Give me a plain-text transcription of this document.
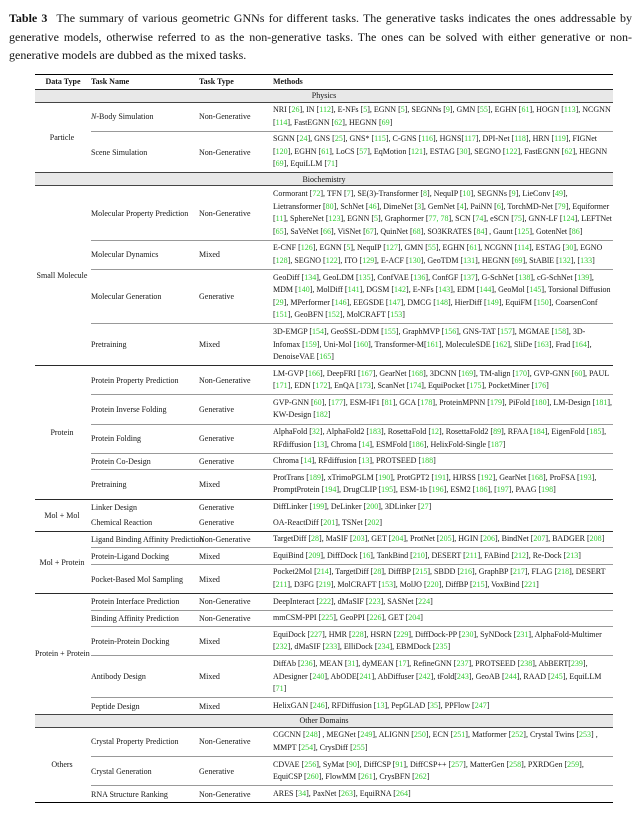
Table 3 The summary of various geometric GNNs for different tasks. The generative tasks indicates the ones addressable by generative models, otherwise referred to as the non-generative tasks. The ones can be solved with either generative or non-generative models are dubbed as the mixed tasks.

Data Type	Task Name	Task Type	Methods
Physics			
Particle	N-Body Simulation	Non-Generative	NRI [26], IN [112], E-NFs [5], EGNN [5], SEGNNs [9], GMN [55], EGHN [61], HOGN [113], NCGNN [114], FastEGNN [62], HEGNN [69]
	Scene Simulation	Non-Generative	SGNN [24], GNS [25], GNS* [115], C-GNS [116], HGNS[117], DPI-Net [118], HRN [119], FIGNet [120], EGHN [61], LoCS [57], EqMotion [121], ESTAG [30], SEGNO [122], FastEGNN [62], HEGNN [69], EquiLLM [71]
Biochemistry			
Small Molecule	Molecular Property Prediction	Non-Generative	Cormorant [72], TFN [7], SE(3)-Transformer [8], NequIP [10], SEGNNs [9], LieConv [49], Lietransformer [80], SchNet [46], DimeNet [3], GemNet [4], PaiNN [6], TorchMD-Net [79], Equiformer [11], SphereNet [123], EGNN [5], Graphormer [77, 78], SCN [74], eSCN [75], GNN-LF [124], LEFTNet [65], SaVeNet [66], ViSNet [67], QuinNet [68], SO3KRATES [84] , Gaunt [125], GotenNet [86]
	Molecular Dynamics	Mixed	E-CNF [126], EGNN [5], NequIP [127], GMN [55], EGHN [61], NCGNN [114], ESTAG [30], EGNO [128], SEGNO [122], ITO [129], E-ACF [130], GeoTDM [131], HEGNN [69], StABlE [132], [133]
	Molecular Generation	Generative	GeoDiff [134], GeoLDM [135], ConfVAE [136], ConfGF [137], G-SchNet [138], cG-SchNet [139], MDM [140], MolDiff [141], DGSM [142], E-NFs [143], EDM [144], GeoMol [145], Torsional Diffusion [29], MPerformer [146], EEGSDE [147], DMCG [148], HierDiff [149], EquiFM [150], CoarsenConf [151], GeoBFN [152], MolCRAFT [153]
	Pretraining	Mixed	3D-EMGP [154], GeoSSL-DDM [155], GraphMVP [156], GNS-TAT [157], MGMAE [158], 3D-Infomax [159], Uni-Mol [160], Transformer-M[161], MoleculeSDE [162], SliDe [163], Frad [164], DenoiseVAE [165]
Protein	Protein Property Prediction	Non-Generative	LM-GVP [166], DeepFRI [167], GearNet [168], 3DCNN [169], TM-align [170], GVP-GNN [60], PAUL [171], EDN [172], EnQA [173], ScanNet [174], EquiPocket [175], PocketMiner [176]
	Protein Inverse Folding	Generative	GVP-GNN [60], [177], ESM-IF1 [81], GCA [178], ProteinMPNN [179], PiFold [180], LM-Design [181], KW-Design [182]
	Protein Folding	Generative	AlphaFold [32], AlphaFold2 [183], RosettaFold [12], RosettaFold2 [89], RFAA [184], EigenFold [185], RFdiffusion [13], Chroma [14], ESMFold [186], HelixFold-Single [187]
	Protein Co-Design	Generative	Chroma [14], RFdiffusion [13], PROTSEED [188]
	Pretraining	Mixed	ProtTrans [189], xTrimoPGLM [190], ProtGPT2 [191], HJRSS [192], GearNet [168], ProFSA [193], PromptProtein [194], DrugCLIP [195], ESM-1b [196], ESM2 [186], [197], PAAG [198]
Mol + Mol	Linker Design	Generative	DiffLinker [199], DeLinker [200], 3DLinker [27]
	Chemical Reaction	Generative	OA-ReactDiff [201], TSNet [202]
Mol + Protein	Ligand Binding Affinity Prediction	Non-Generative	TargetDiff [28], MaSIF [203], GET [204], ProtNet [205], HGIN [206], BindNet [207], BADGER [208]
	Protein-Ligand Docking	Mixed	EquiBind [209], DiffDock [16], TankBind [210], DESERT [211], FABind [212], Re-Dock [213]
	Pocket-Based Mol Sampling	Mixed	Pocket2Mol [214], TargetDiff [28], DiffBP [215], SBDD [216], GraphBP [217], FLAG [218], DESERT [211], D3FG [219], MolCRAFT [153], MolJO [220], DiffBP [215], VoxBind [221]
Protein + Protein	Protein Interface Prediction	Non-Generative	DeepInteract [222], dMaSIF [223], SASNet [224]
	Binding Affinity Prediction	Non-Generative	mmCSM-PPI [225], GeoPPI [226], GET [204]
	Protein-Protein Docking	Mixed	EquiDock [227], HMR [228], HSRN [229], DiffDock-PP [230], SyNDock [231], AlphaFold-Multimer [232], dMaSIF [233], ElliDock [234], EBMDock [235]
	Antibody Design	Mixed	DiffAb [236], MEAN [31], dyMEAN [17], RefineGNN [237], PROTSEED [238], AbBERT[239], ADesigner [240], AbODE[241], AbDiffuser [242], tFold[243], GeoAB [244], RAAD [245], EquiLLM [71]
	Peptide Design	Mixed	HelixGAN [246], RFDiffusion [13], PepGLAD [35], PPFlow [247]
Other Domains			
Others	Crystal Property Prediction	Non-Generative	CGCNN [248] , MEGNet [249], ALIGNN [250], ECN [251], Matformer [252], Crystal Twins [253] , MMPT [254], CrysDiff [255]
	Crystal Generation	Generative	CDVAE [256], SyMat [90], DiffCSP [91], DiffCSP++ [257], MatterGen [258], PXRDGen [259], EquiCSP [260], FlowMM [261], CrysBFN [262]
	RNA Structure Ranking	Non-Generative	ARES [34], PaxNet [263], EquiRNA [264]
